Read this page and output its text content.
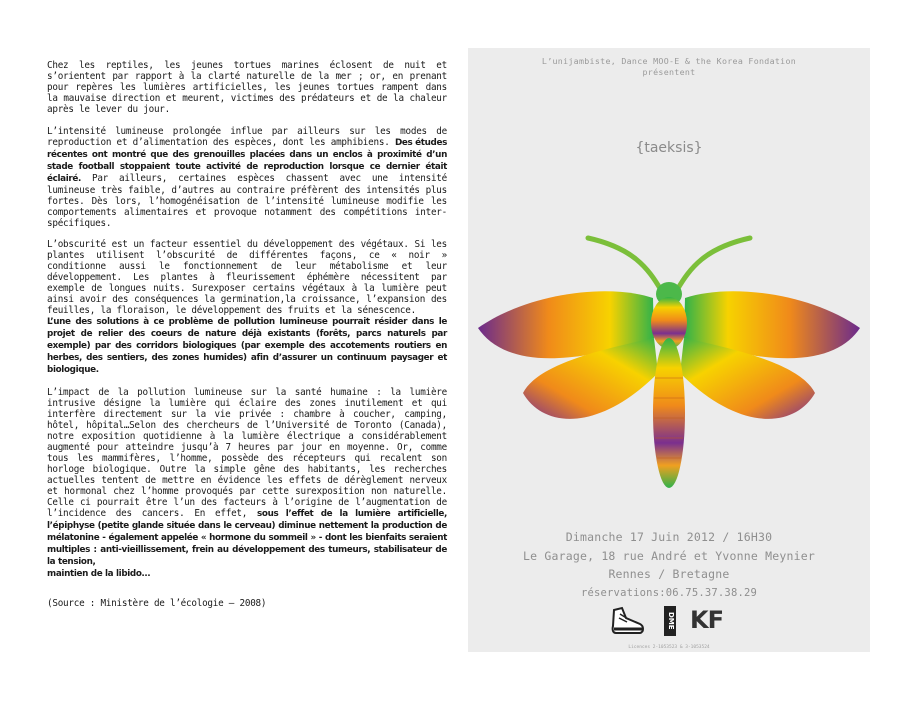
Chez les reptiles, les jeunes tortues marines éclosent de nuit et s’orientent par rapport à la clarté naturelle de la mer ; or, en prenant pour repères les lumières artificielles, les jeunes tortues rampent dans la mauvaise direction et meurent, victimes des prédateurs et de la chaleur après le lever du jour.

L’intensité lumineuse prolongée influe par ailleurs sur les modes de reproduction et d’alimentation des espèces, dont les amphibiens. Des études récentes ont montré que des grenouilles placées dans un enclos à proximité d’un stade football stoppaient toute activité de reproduction lorsque ce dernier était éclairé. Par ailleurs, certaines espèces chassent avec une intensité lumineuse très faible, d’autres au contraire préfèrent des intensités plus fortes. Dès lors, l’homogénéisation de l’intensité lumineuse modifie les comportements alimentaires et provoque notamment des compétitions inter-spécifiques.

L’obscurité est un facteur essentiel du développement des végétaux. Si les plantes utilisent l’obscurité de différentes façons, ce « noir » conditionne aussi le fonctionnement de leur métabolisme et leur développement. Les plantes à fleurissement éphémère nécessitent par exemple de longues nuits. Surexposer certains végétaux à la lumière peut ainsi avoir des conséquences la germination,la croissance, l’expansion des feuilles, la floraison, le développement des fruits et la sénescence.
L’une des solutions à ce problème de pollution lumineuse pourrait résider dans le projet de relier des coeurs de nature déjà existants (forêts, parcs naturels par exemple) par des corridors biologiques (par exemple des accotements routiers en herbes, des sentiers, des zones humides) afin d’assurer un continuum paysager et biologique.

L’impact de la pollution lumineuse sur la santé humaine : la lumière intrusive désigne la lumière qui éclaire des zones inutilement et qui interfère directement sur la vie privée : chambre à coucher, camping, hôtel, hôpital…Selon des chercheurs de l’Université de Toronto (Canada), notre exposition quotidienne à la lumière électrique a considérablement augmenté pour atteindre jusqu’à 7 heures par jour en moyenne. Or, comme tous les mammifères, l’homme, possède des récepteurs qui recalent son horloge biologique. Outre la simple gêne des habitants, les recherches actuelles tentent de mettre en évidence les effets de dérèglement nerveux et hormonal chez l’homme provoqués par cette surexposition non naturelle. Celle ci pourrait être l’un des facteurs à l’origine de l’augmentation de l’incidence des cancers. En effet, sous l’effet de la lumière artificielle, l’épiphyse (petite glande située dans le cerveau) diminue nettement la production de mélatonine - également appelée « hormone du sommeil » - dont les bienfaits seraient multiples : anti-vieillissement, frein au développement des tumeurs, stabilisateur de la tension,
maintien de la libido…

(Source : Ministère de l’écologie – 2008)

L’unijambiste, Dance MOO-E & the Korea Fondation
présentent
{taeksis}
Dimanche 17 Juin 2012 / 16H30
Le Garage, 18 rue André et Yvonne Meynier
Rennes / Bretagne
réservations:06.75.37.38.29
DME KF
Licences 2-1053523 & 3-1053524
